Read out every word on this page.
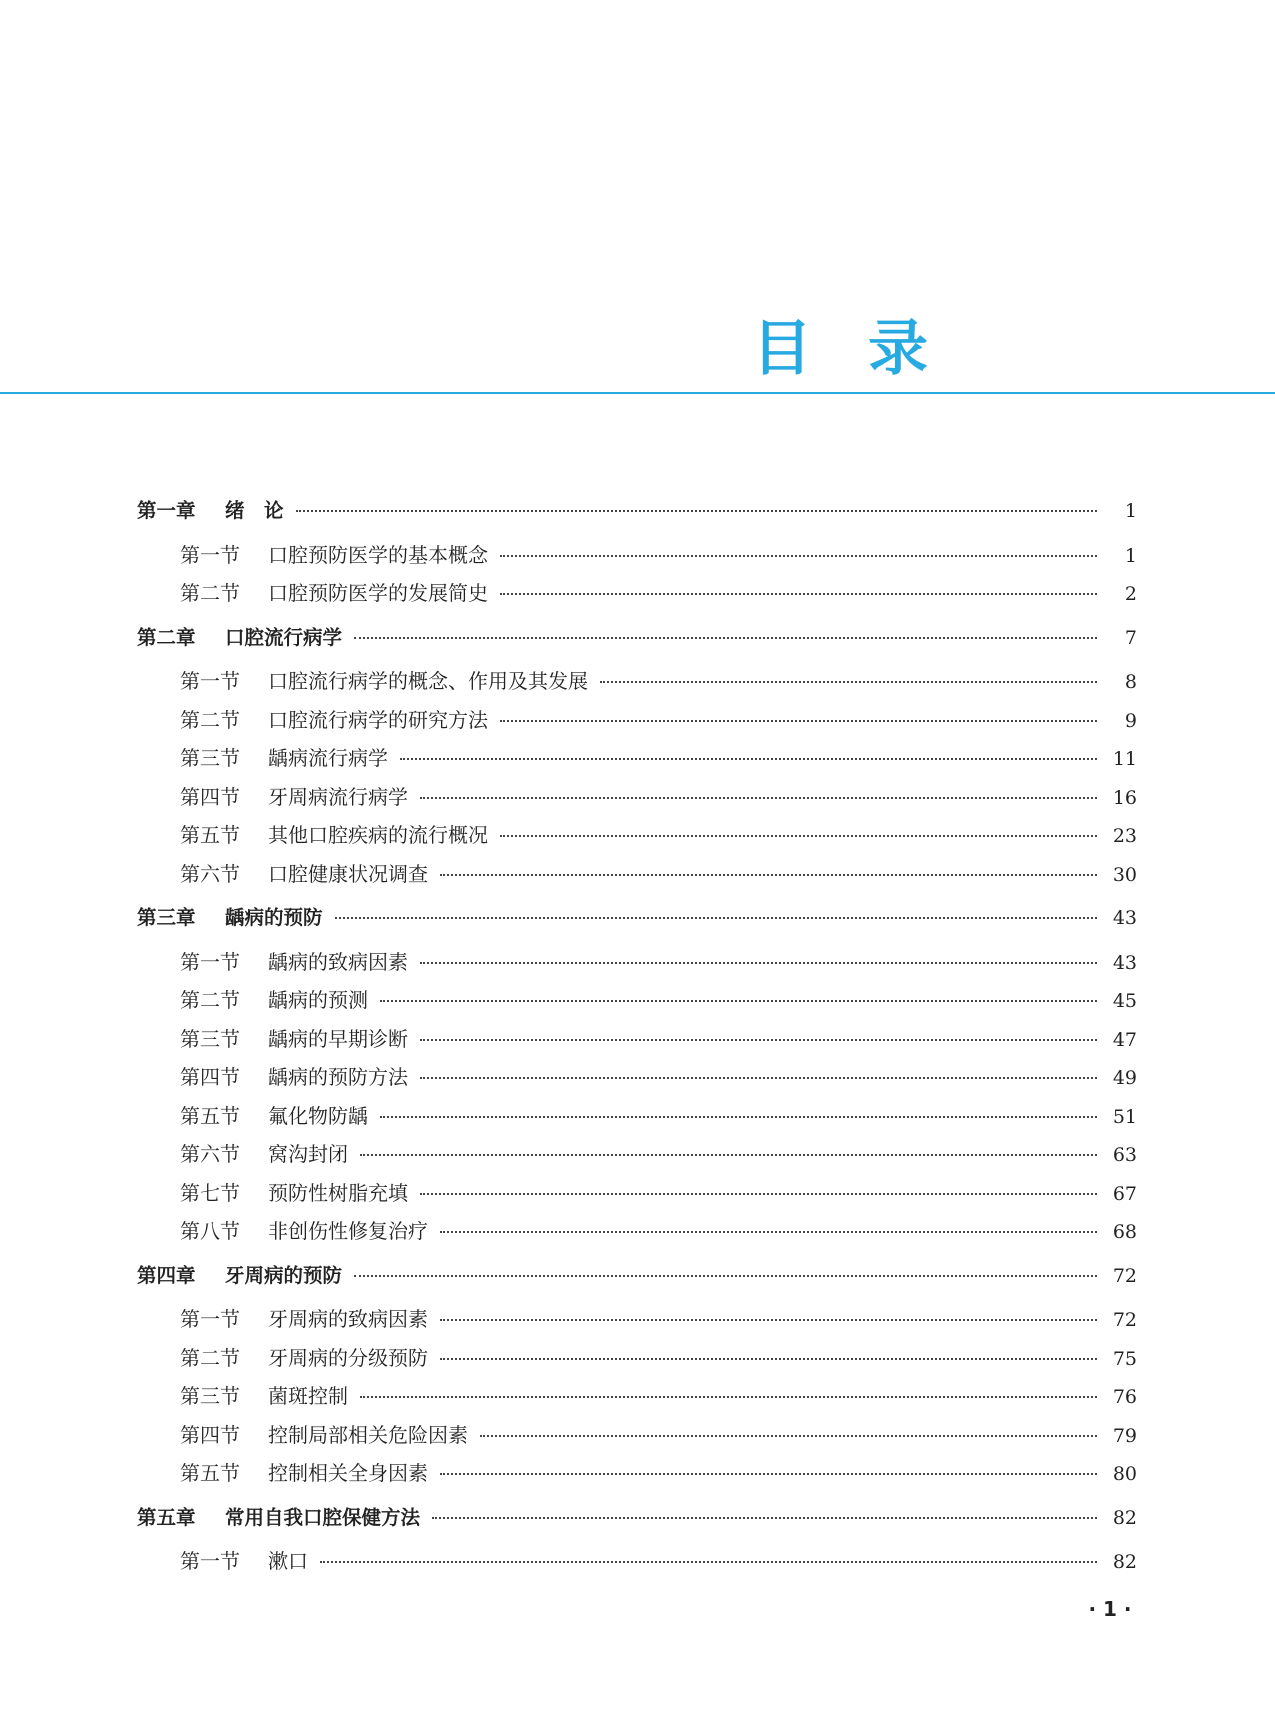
目 录
第一章	绪　论	1
第一节	口腔预防医学的基本概念	1
第二节	口腔预防医学的发展简史	2
第二章	口腔流行病学	7
第一节	口腔流行病学的概念、作用及其发展	8
第二节	口腔流行病学的研究方法	9
第三节	龋病流行病学	11
第四节	牙周病流行病学	16
第五节	其他口腔疾病的流行概况	23
第六节	口腔健康状况调查	30
第三章	龋病的预防	43
第一节	龋病的致病因素	43
第二节	龋病的预测	45
第三节	龋病的早期诊断	47
第四节	龋病的预防方法	49
第五节	氟化物防龋	51
第六节	窝沟封闭	63
第七节	预防性树脂充填	67
第八节	非创伤性修复治疗	68
第四章	牙周病的预防	72
第一节	牙周病的致病因素	72
第二节	牙周病的分级预防	75
第三节	菌斑控制	76
第四节	控制局部相关危险因素	79
第五节	控制相关全身因素	80
第五章	常用自我口腔保健方法	82
第一节	漱口	82
· 1 ·
